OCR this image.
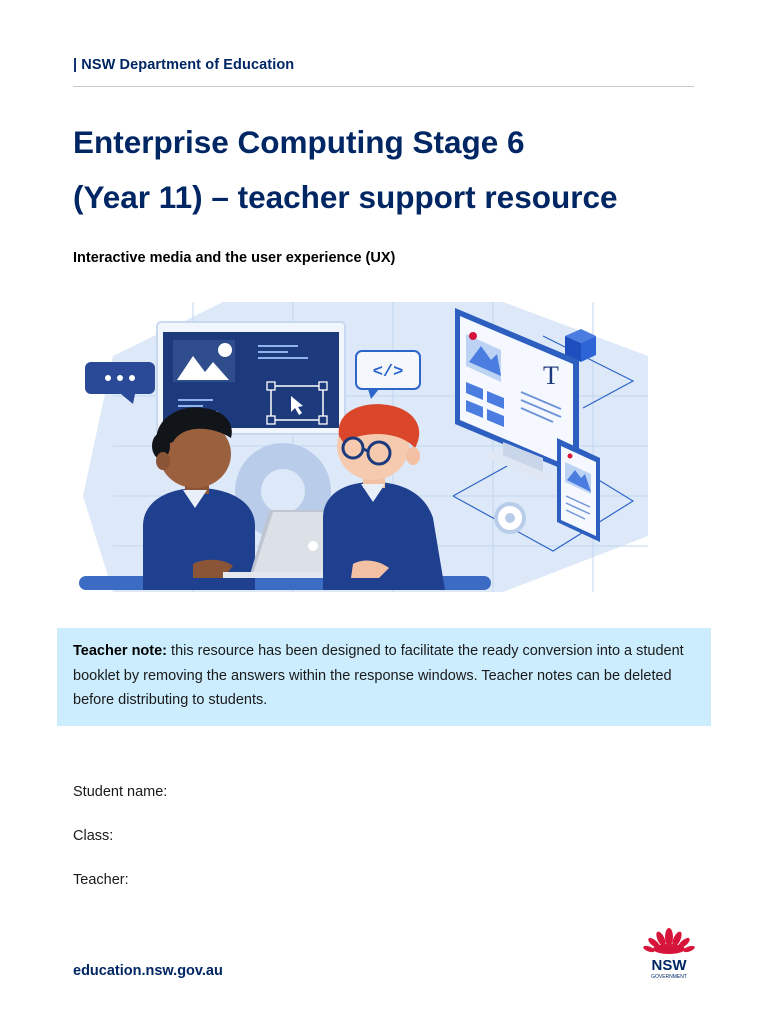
| NSW Department of Education
Enterprise Computing Stage 6
(Year 11) – teacher support resource
Interactive media and the user experience (UX)
</>	T
Teacher note: this resource has been designed to facilitate the ready conversion into a student booklet by removing the answers within the response windows. Teacher notes can be deleted before distributing to students.
Student name:
Class:
Teacher:
education.nsw.gov.au	NSW
GOVERNMENT
